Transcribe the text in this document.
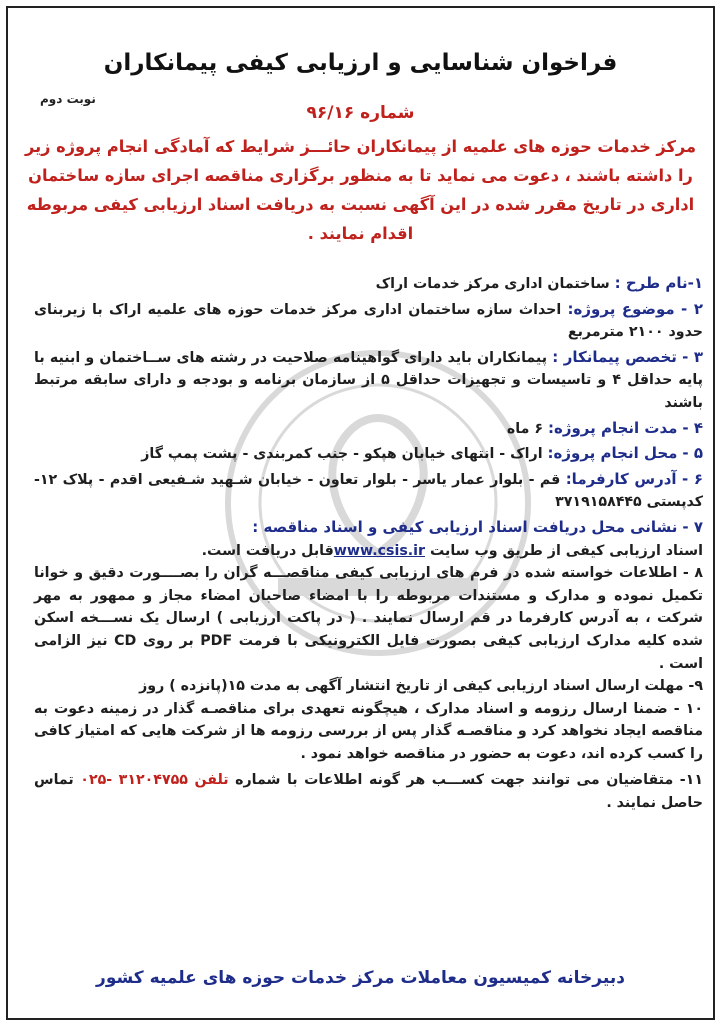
فراخوان شناسایی و ارزیابی کیفی پیمانکاران
نوبت دوم
شماره ۹۶/۱۶
مرکز خدمات حوزه های علمیه از پیمانکاران حائـــز شرایط که آمادگی انجام پروژه زیر را داشته باشند ، دعوت می نماید تا به منظور برگزاری مناقصه اجرای سازه ساختمان اداری در تاریخ مقرر شده در این آگهی نسبت به دریافت اسناد ارزیابی کیفی مربوطه اقدام نمایند .

۱-نام طرح : ساختمان اداری مرکز خدمات اراک

۲ - موضوع پروژه: احداث سازه ساختمان اداری مرکز خدمات حوزه های علمیه اراک با زیربنای حدود ۲۱۰۰ مترمربع

۳ - تخصص پیمانکار : پیمانکاران باید دارای گواهینامه صلاحیت در رشته های ســاختمان و ابنیه با پایه حداقل ۴ و تاسیسات و تجهیزات حداقل ۵ از سازمان برنامه و بودجه و دارای سابقه مرتبط باشند

۴ - مدت انجام پروژه: ۶ ماه

۵ - محل انجام پروژه: اراک - انتهای خیابان هپکو - جنب کمربندی - پشت پمپ گاز

۶ - آدرس کارفرما: قم - بلوار عمار یاسر - بلوار تعاون - خیابان شـهید شـفیعی اقدم - پلاک ۱۲-کدپستی ۳۷۱۹۱۵۸۴۴۵

۷ - نشانی محل دریافت اسناد ارزیابی کیفی و اسناد مناقصه :

اسناد ارزیابی کیفی از طریق وب سایت www.csis.irقابل دریافت است.

۸ - اطلاعات خواسته شده در فرم های ارزیابی کیفی مناقصـــه گران را بصــــورت دقیق و خوانا تکمیل نموده و مدارک و مستندات مربوطه را با امضاء صاحبان امضاء مجاز و ممهور به مهر شرکت ، به آدرس کارفرما در قم ارسال نمایند . ( در پاکت ارزیابی ) ارسال یک نســـخه اسکن شده کلیه مدارک ارزیابی کیفی بصورت فایل الکترونیکی با فرمت PDF بر روی CD نیز الزامی است .

۹- مهلت ارسال اسناد ارزیابی کیفی از تاریخ انتشار آگهی به مدت ۱۵(پانزده ) روز

۱۰ - ضمنا ارسال رزومه و اسناد مدارک ، هیچگونه تعهدی برای مناقصـه گذار در زمینه دعوت به مناقصه ایجاد نخواهد کرد و مناقصـه گذار پس از بررسی رزومه ها از شرکت هایی که امتیاز کافی را کسب کرده اند، دعوت به حضور در مناقصه خواهد نمود .

۱۱- متقاضیان می توانند جهت کســـب هر گونه اطلاعات با شماره تلفن ۰۲۵- ۳۱۲۰۴۷۵۵ تماس حاصل نمایند .

دبیرخانه کمیسیون معاملات مرکز خدمات حوزه های علمیه کشور
